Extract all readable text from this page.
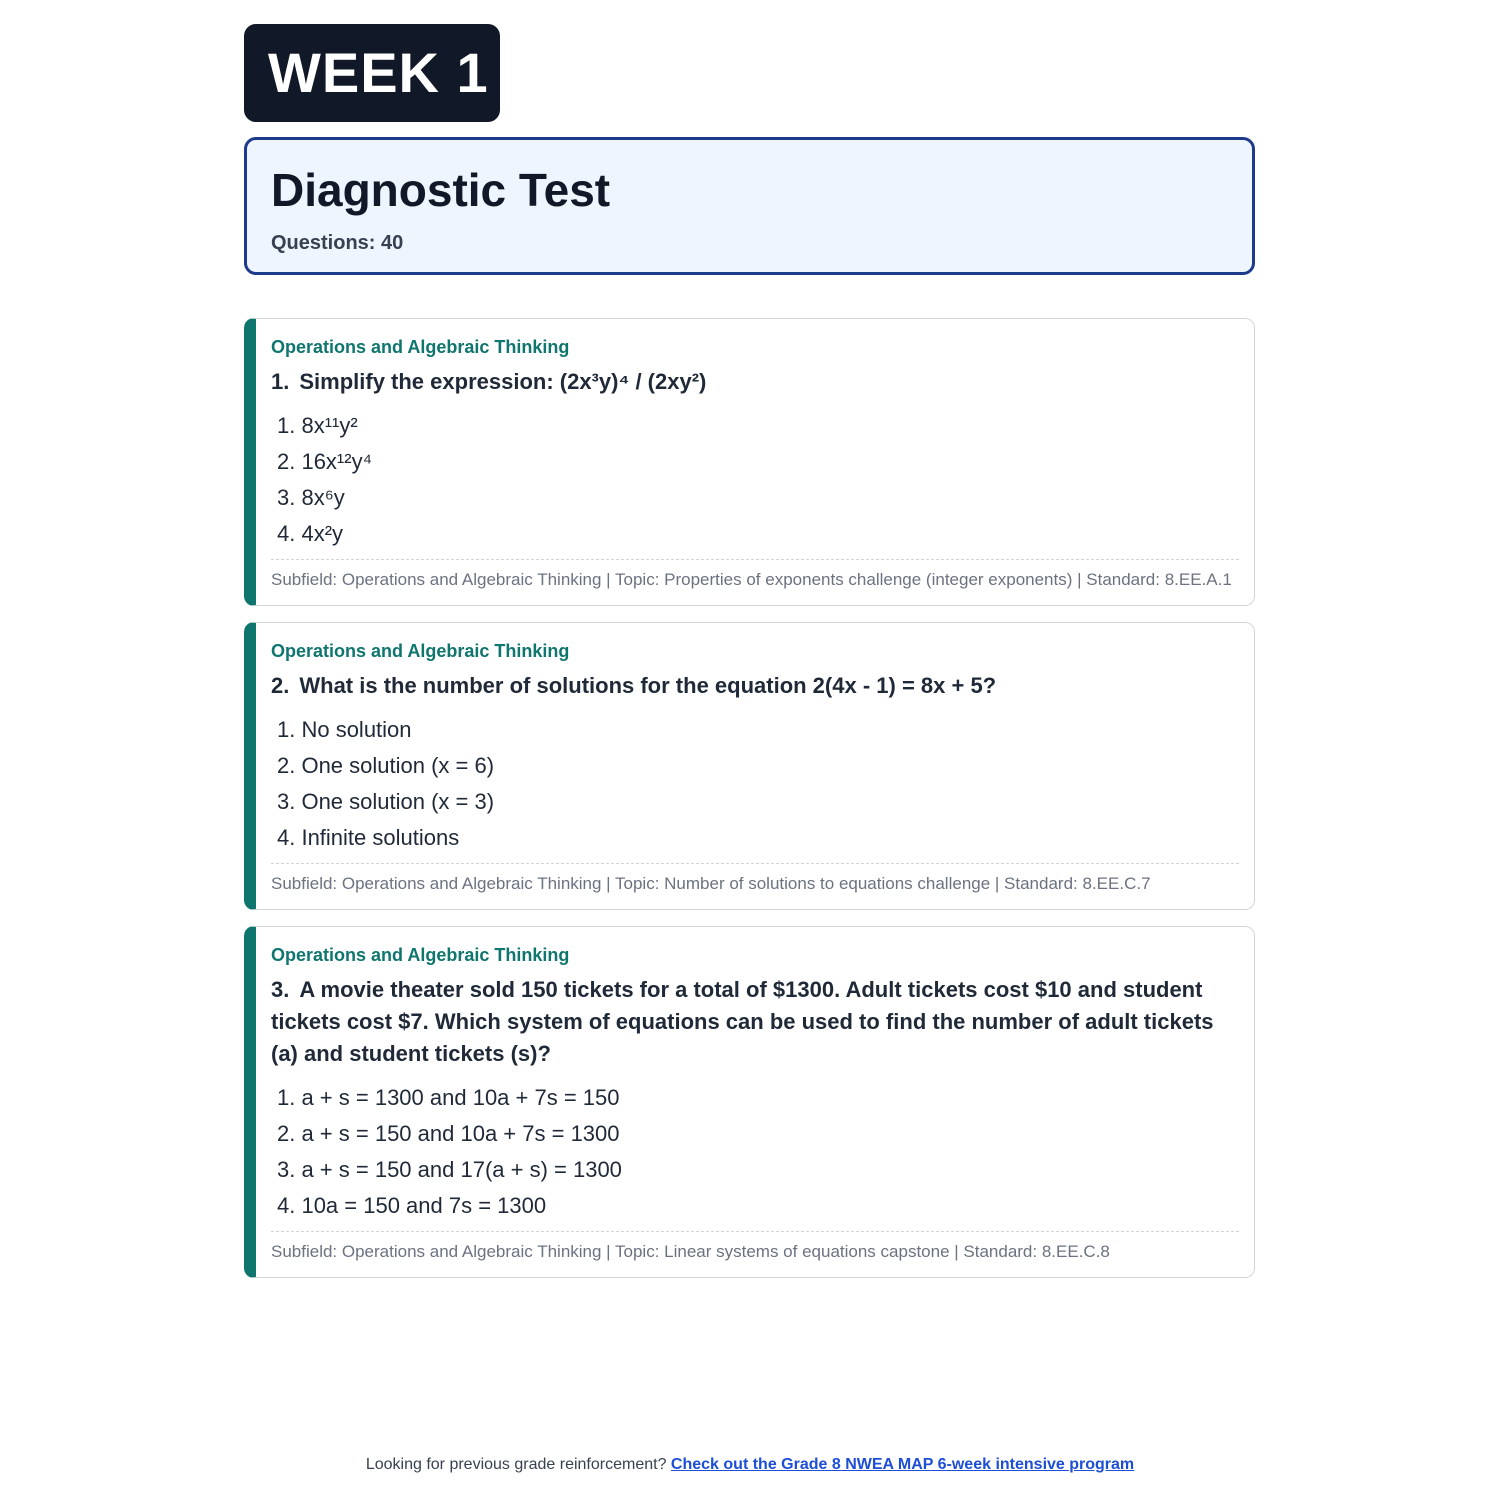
WEEK 1
Diagnostic Test
Questions: 40
Operations and Algebraic Thinking
1. Simplify the expression: (2x³y)⁴ / (2xy²)
1. 8x¹¹y²
2. 16x¹²y⁴
3. 8x⁶y
4. 4x²y
Subfield: Operations and Algebraic Thinking | Topic: Properties of exponents challenge (integer exponents) | Standard: 8.EE.A.1
Operations and Algebraic Thinking
2. What is the number of solutions for the equation 2(4x - 1) = 8x + 5?
1. No solution
2. One solution (x = 6)
3. One solution (x = 3)
4. Infinite solutions
Subfield: Operations and Algebraic Thinking | Topic: Number of solutions to equations challenge | Standard: 8.EE.C.7
Operations and Algebraic Thinking
3. A movie theater sold 150 tickets for a total of $1300. Adult tickets cost $10 and student tickets cost $7. Which system of equations can be used to find the number of adult tickets (a) and student tickets (s)?
1. a + s = 1300 and 10a + 7s = 150
2. a + s = 150 and 10a + 7s = 1300
3. a + s = 150 and 17(a + s) = 1300
4. 10a = 150 and 7s = 1300
Subfield: Operations and Algebraic Thinking | Topic: Linear systems of equations capstone | Standard: 8.EE.C.8
Looking for previous grade reinforcement? Check out the Grade 8 NWEA MAP 6-week intensive program
